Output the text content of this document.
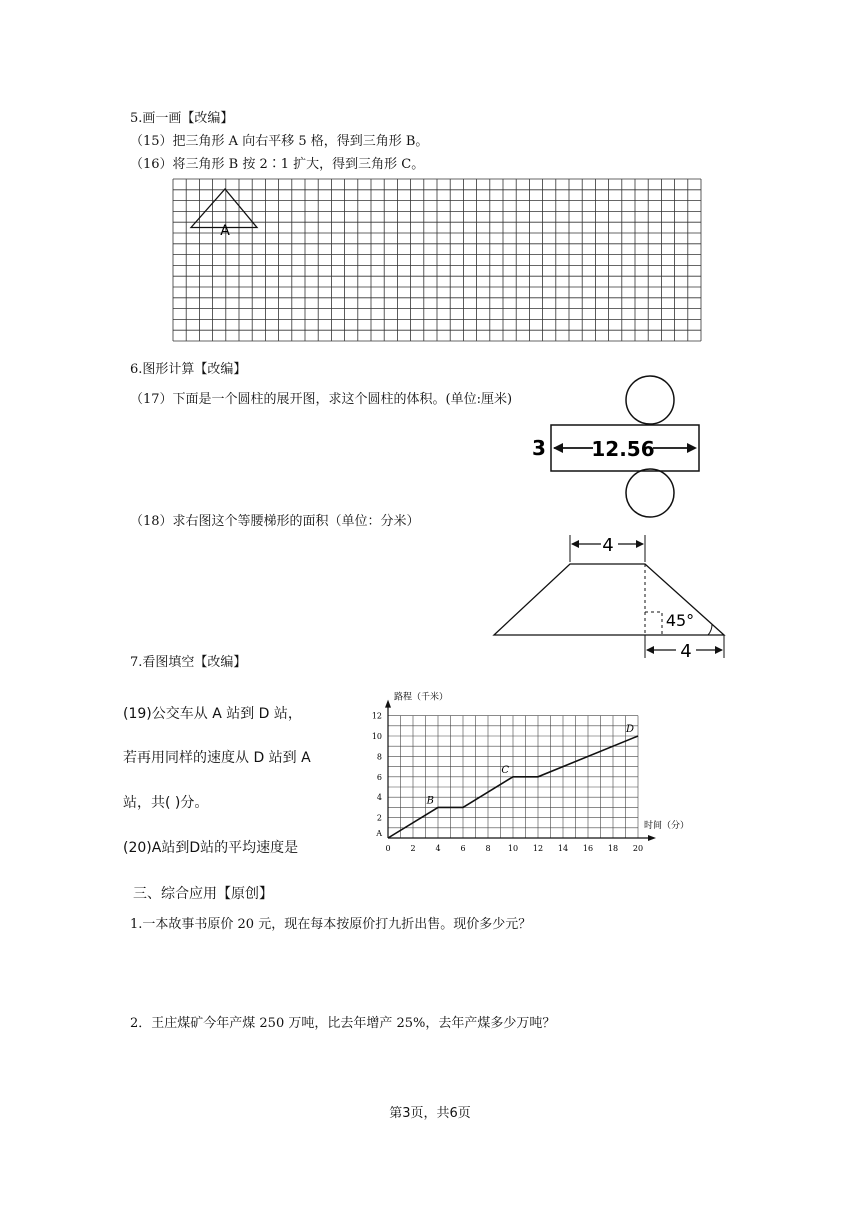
5.画一画【改编】
（15）把三角形 A 向右平移 5 格，得到三角形 B。
（16）将三角形 B 按 2∶1 扩大，得到三角形 C。
A
6.图形计算【改编】
（17）下面是一个圆柱的展开图，求这个圆柱的体积。(单位:厘米)
12.56
3
（18）求右图这个等腰梯形的面积（单位：分米）
4
45°
4
7.看图填空【改编】
(19)公交车从 A 站到 D 站，
若再用同样的速度从 D 站到 A
站，共( )分。
(20)A站到D站的平均速度是	0 2 4 6 8 10 12 14 16 18 20
2
4
6
8
10
12
A
路程（千米）
时间（分）
B
C
D
三、综合应用【原创】
1.一本故事书原价 20 元，现在每本按原价打九折出售。现价多少元？
2．王庄煤矿今年产煤 250 万吨，比去年增产 25%，去年产煤多少万吨？
第3页，共6页
